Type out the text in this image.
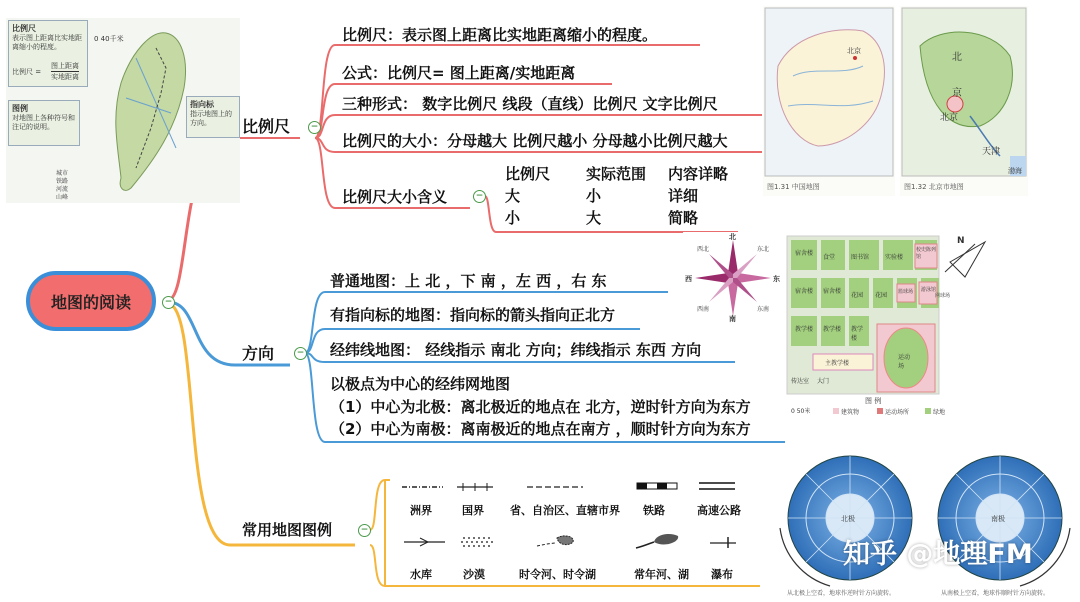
地图的阅读	−
比例尺	−
比例尺：表示图上距离比实地距离缩小的程度。
公式：比例尺= 图上距离/实地距离
三种形式： 数字比例尺 线段（直线）比例尺 文字比例尺
比例尺的大小：分母越大 比例尺越小 分母越小比例尺越大
比例尺大小含义	−
比例尺 实际范围 内容详略
大	小	详细
小	大	简略
方向	−
普通地图：上 北 ，下 南 ，左 西 ，右 东
有指向标的地图：指向标的箭头指向正北方
经纬线地图： 经线指示 南北 方向；纬线指示 东西 方向
以极点为中心的经纬网地图
（1）中心为北极：离北极近的地点在 北方，逆时针方向为东方
（2）中心为南极：离南极近的地点在南方 ，顺时针方向为东方
常用地图图例	−
洲界	国界 省、自治区、直辖市界 铁路	高速公路
水库	沙漠	时令河、时令湖	常年河、湖 瀑布
比例尺
表示图上距离比实地距离缩小的程度。
比例尺 =
图上距离
实地距离
图例
对地图上各种符号和注记的说明。
指向标
指示地图上的方向。
0 40千米
城市
铁路
河流
山峰
北京
图1.31 中国地图
北
京
北京
天津
渤海
图1.32 北京市地图
北
南
东
西
东北
西北
东南
西南
宿舍楼
食堂	图书馆	实验楼
校史陈列馆
宿舍楼	宿舍楼
花园 花园 篮球场 游泳馆
网球场
教学楼	教学楼	教学楼
运动场
主教学楼
传达室 大门
N
图 例
0 50米	建筑物	运动场所	绿地
北极	南极
从北极上空看，地球作逆时针方向旋转。	从南极上空看，地球作顺时针方向旋转。
知乎 @地理FM
